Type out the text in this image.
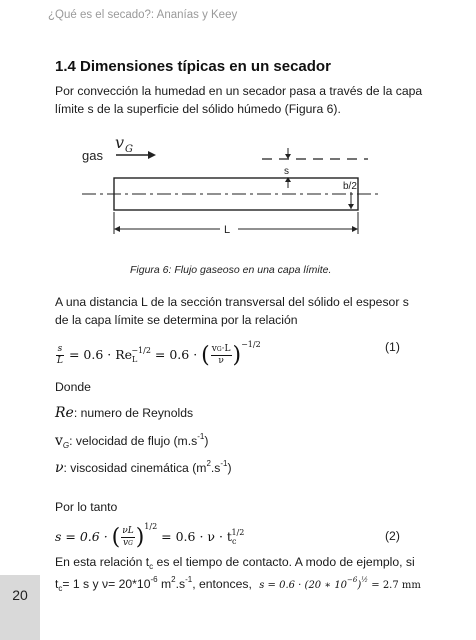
¿Qué es el secado?: Ananías y Keey
1.4 Dimensiones típicas en un secador
Por convección la humedad en un secador pasa a través de la capa límite s de la superficie del sólido húmedo (Figura 6).
v G
gas
s
b/2
L
Figura 6: Flujo gaseoso en una capa límite.
A una distancia L de la sección transversal del sólido el espesor s de la capa límite se determina por la relación
$\frac{s}{L} = 0.6 \cdot Re_L^{-1/2} = 0.6$ · ( $\frac{vG\cdot L}{\nu} )^{-1/2}$	(1)
Donde
Re: numero de Reynolds
$v_G$: velocidad de flujo $(m.s^{-1})$
ν: viscosidad cinemática $(m^2.s^{-1})$
Por lo tanto
s = 0.6 · ( $\frac{\nu L}{vG} )^{1/2} = 0.6 \cdot \nu \cdot t_c^{1/2}$	(2)
En esta relación $t_c$ es el tiempo de contacto. A modo de ejemplo, si
$t_c= 1$ s y $\nu= 20*10^{-6}$ $m^2.s^{-1}$, entonces, s = 0.6 · (20 ∗ $10^{-6})^{\frac{1}{2}} = 2.7$ mm
20
